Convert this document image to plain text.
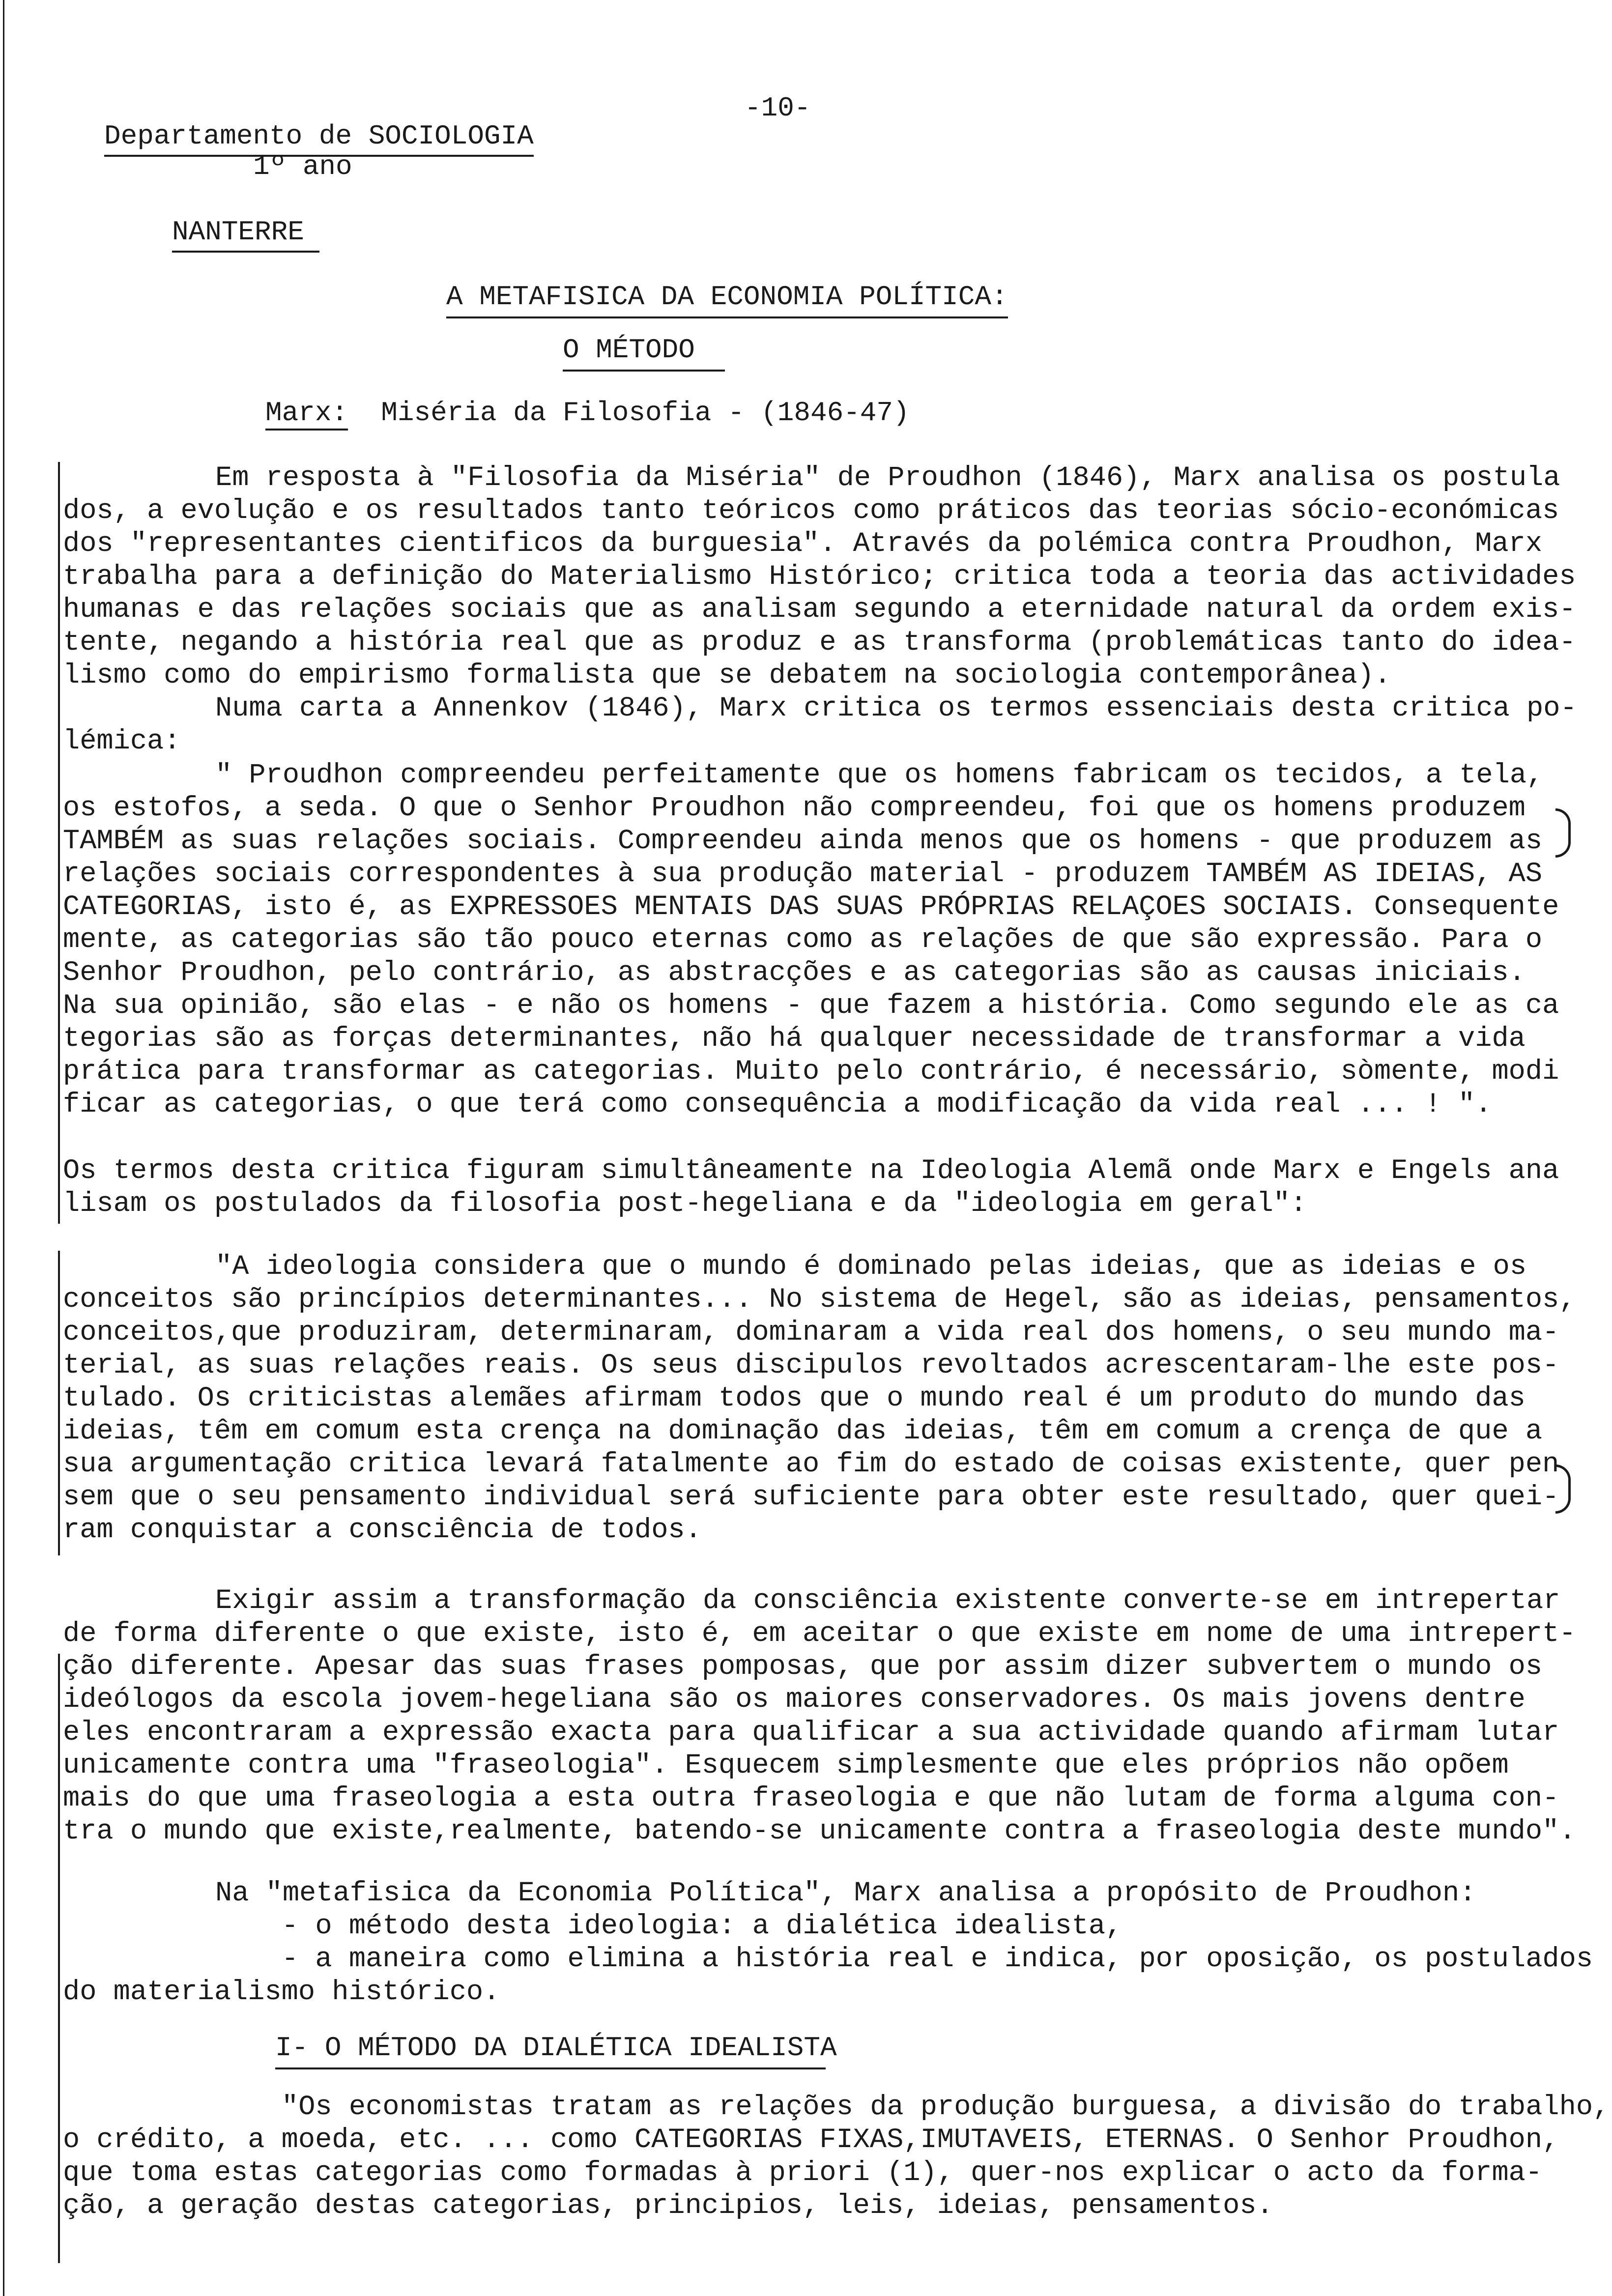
-10-
Departamento de SOCIOLOGIA
1º ano
NANTERRE
A METAFISICA DA ECONOMIA POLÍTICA:
O MÉTODO
Marx: Miséria da Filosofia - (1846-47)
Em resposta à "Filosofia da Miséria" de Proudhon (1846), Marx analisa os postula
dos, a evolução e os resultados tanto teóricos como práticos das teorias sócio-económicas
dos "representantes cientificos da burguesia". Através da polémica contra Proudhon, Marx
trabalha para a definição do Materialismo Histórico; critica toda a teoria das actividades
humanas e das relações sociais que as analisam segundo a eternidade natural da ordem exis-
tente, negando a história real que as produz e as transforma (problemáticas tanto do idea-
lismo como do empirismo formalista que se debatem na sociologia contemporânea).
Numa carta a Annenkov (1846), Marx critica os termos essenciais desta critica po-
lémica:
" Proudhon compreendeu perfeitamente que os homens fabricam os tecidos, a tela,
os estofos, a seda. O que o Senhor Proudhon não compreendeu, foi que os homens produzem
TAMBÉM as suas relações sociais. Compreendeu ainda menos que os homens - que produzem as
relações sociais correspondentes à sua produção material - produzem TAMBÉM AS IDEIAS, AS
CATEGORIAS, isto é, as EXPRESSOES MENTAIS DAS SUAS PRÓPRIAS RELAÇOES SOCIAIS. Consequente
mente, as categorias são tão pouco eternas como as relações de que são expressão. Para o
Senhor Proudhon, pelo contrário, as abstracções e as categorias são as causas iniciais.
Na sua opinião, são elas - e não os homens - que fazem a história. Como segundo ele as ca
tegorias são as forças determinantes, não há qualquer necessidade de transformar a vida
prática para transformar as categorias. Muito pelo contrário, é necessário, sòmente, modi
ficar as categorias, o que terá como consequência a modificação da vida real ... ! ".
Os termos desta critica figuram simultâneamente na Ideologia Alemã onde Marx e Engels ana
lisam os postulados da filosofia post-hegeliana e da "ideologia em geral":
"A ideologia considera que o mundo é dominado pelas ideias, que as ideias e os
conceitos são princípios determinantes... No sistema de Hegel, são as ideias, pensamentos,
conceitos,que produziram, determinaram, dominaram a vida real dos homens, o seu mundo ma-
terial, as suas relações reais. Os seus discipulos revoltados acrescentaram-lhe este pos-
tulado. Os criticistas alemães afirmam todos que o mundo real é um produto do mundo das
ideias, têm em comum esta crença na dominação das ideias, têm em comum a crença de que a
sua argumentação critica levará fatalmente ao fim do estado de coisas existente, quer pen
sem que o seu pensamento individual será suficiente para obter este resultado, quer quei-
ram conquistar a consciência de todos.
Exigir assim a transformação da consciência existente converte-se em intrepertar
de forma diferente o que existe, isto é, em aceitar o que existe em nome de uma intrepert-
ção diferente. Apesar das suas frases pomposas, que por assim dizer subvertem o mundo os
ideólogos da escola jovem-hegeliana são os maiores conservadores. Os mais jovens dentre
eles encontraram a expressão exacta para qualificar a sua actividade quando afirmam lutar
unicamente contra uma "fraseologia". Esquecem simplesmente que eles próprios não opõem
mais do que uma fraseologia a esta outra fraseologia e que não lutam de forma alguma con-
tra o mundo que existe,realmente, batendo-se unicamente contra a fraseologia deste mundo".
Na "metafisica da Economia Política", Marx analisa a propósito de Proudhon:
- o método desta ideologia: a dialética idealista,
- a maneira como elimina a história real e indica, por oposição, os postulados
do materialismo histórico.
I- O MÉTODO DA DIALÉTICA IDEALISTA
"Os economistas tratam as relações da produção burguesa, a divisão do trabalho,
o crédito, a moeda, etc. ... como CATEGORIAS FIXAS,IMUTAVEIS, ETERNAS. O Senhor Proudhon,
que toma estas categorias como formadas à priori (1), quer-nos explicar o acto da forma-
ção, a geração destas categorias, principios, leis, ideias, pensamentos.
